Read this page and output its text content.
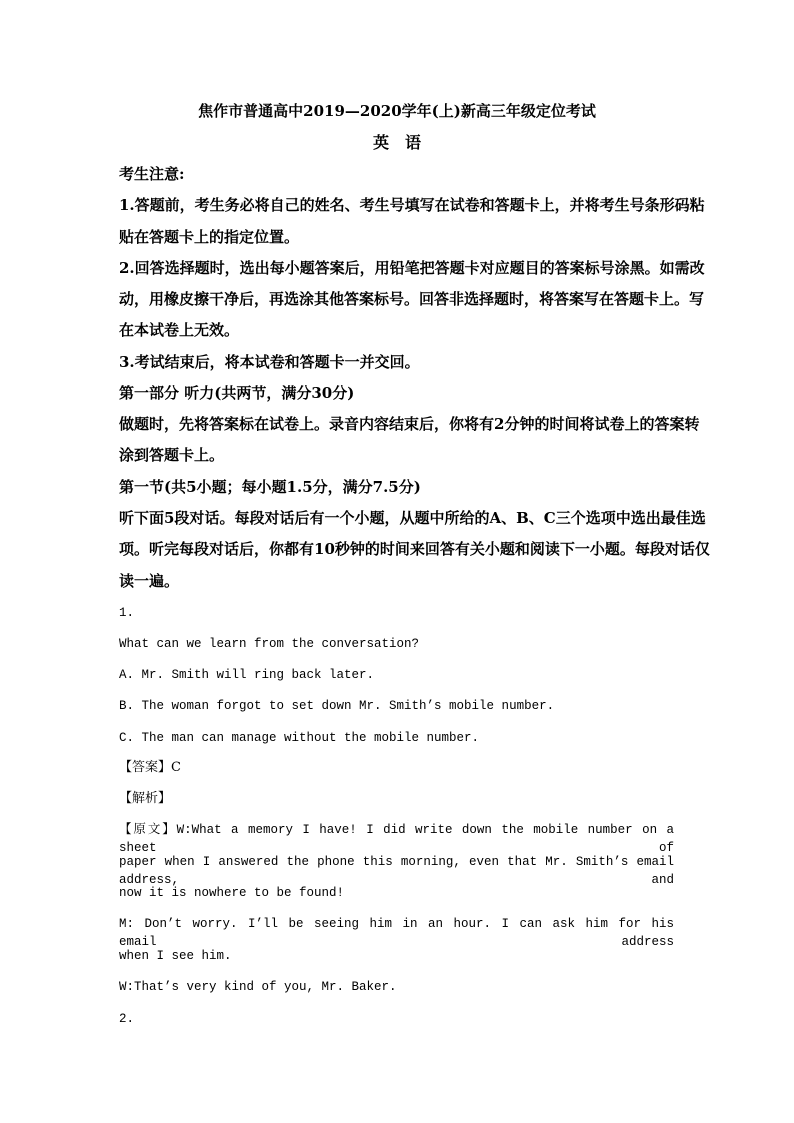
焦作市普通高中2019—2020学年(上)新高三年级定位考试

英语

考生注意:

1.答题前，考生务必将自己的姓名、考生号填写在试卷和答题卡上，并将考生号条形码粘

贴在答题卡上的指定位置。

2.回答选择题时，选出每小题答案后，用铅笔把答题卡对应题目的答案标号涂黑。如需改

动，用橡皮擦干净后，再选涂其他答案标号。回答非选择题时，将答案写在答题卡上。写

在本试卷上无效。

3.考试结束后，将本试卷和答题卡一并交回。

第一部分 听力(共两节，满分30分)

做题时，先将答案标在试卷上。录音内容结束后，你将有2分钟的时间将试卷上的答案转

涂到答题卡上。

第一节(共5小题；每小题1.5分，满分7.5分)

听下面5段对话。每段对话后有一个小题，从题中所给的A、B、C三个选项中选出最佳选

项。听完每段对话后，你都有10秒钟的时间来回答有关小题和阅读下一小题。每段对话仅

读一遍。

1.

What can we learn from the conversation?

A. Mr. Smith will ring back later.

B. The woman forgot to set down Mr. Smith’s mobile number.

C. The man can manage without the mobile number.

【答案】C

【解析】

【原文】W:What a memory I have! I did write down the mobile number on a sheet of

paper when I answered the phone this morning, even that Mr. Smith’s email address, and

now it is nowhere to be found!

M: Don’t worry. I’ll be seeing him in an hour. I can ask him for his email address

when I see him.

W:That’s very kind of you, Mr. Baker.

2.
